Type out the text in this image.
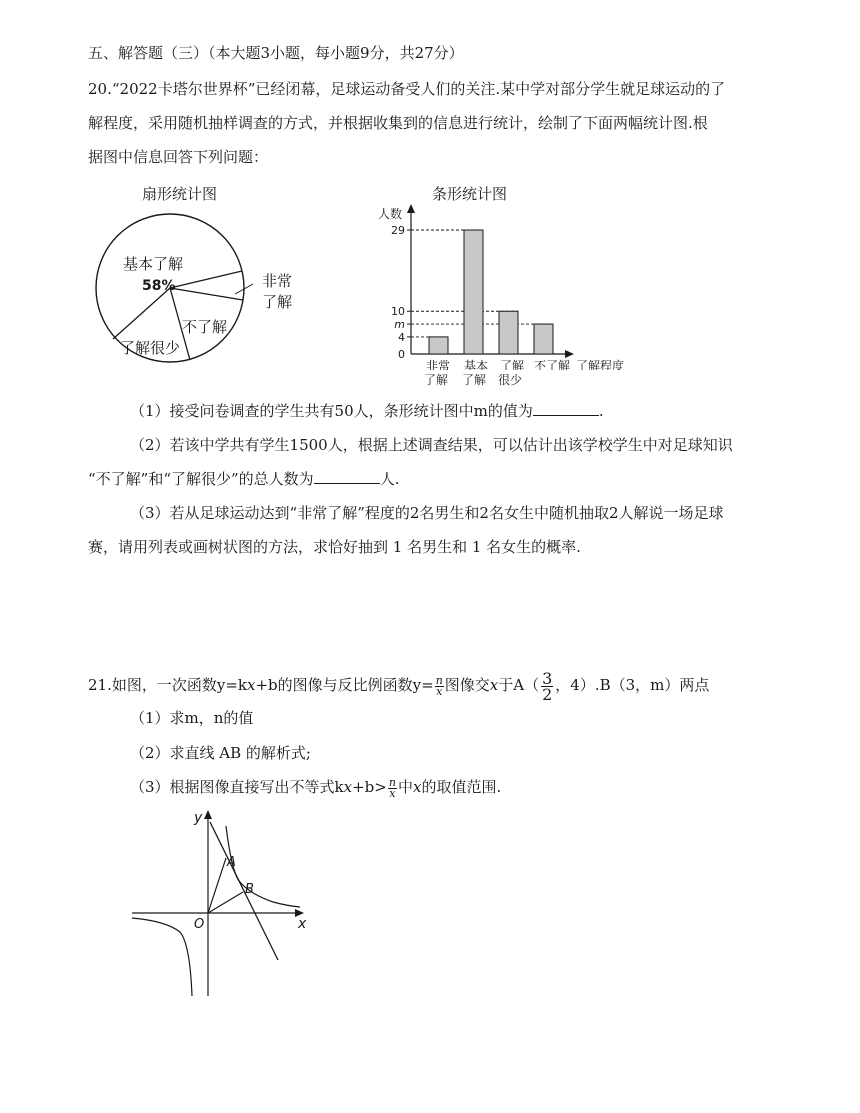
五、解答题（三）（本大题3小题，每小题9分，共27分）
20.“2022卡塔尔世界杯”已经闭幕，足球运动备受人们的关注.某中学对部分学生就足球运动的了
解程度，采用随机抽样调查的方式，并根据收集到的信息进行统计，绘制了下面两幅统计图.根
据图中信息回答下列问题：
扇形统计图	条形统计图
基本了解
58%	非常
了解
不了解
了解很少
人数
0
4
m
10
29
非常 基本 了解 不了解 了解程度
了解 了解 很少
（1）接受问卷调查的学生共有50人，条形统计图中m的值为	.
（2）若该中学共有学生1500人，根据上述调查结果，可以估计出该学校学生中对足球知识
“不了解”和“了解很少”的总人数为	人.
（3）若从足球运动达到“非常了解”程度的2名男生和2名女生中随机抽取2人解说一场足球
赛，请用列表或画树状图的方法，求恰好抽到 1 名男生和 1 名女生的概率.
21.如图，一次函数y=kx+b的图像与反比例函数$y= \frac{n}{x}$ 图像交x于$A( \frac{3}{2}$ ，4）.B（3，m）两点
（1）求m，n的值
（2）求直线 AB 的解析式;
（3）根据图像直接写出不等式$kx+b> \frac{n}{x}$ 中x的取值范围.
y
x
O
A
B
